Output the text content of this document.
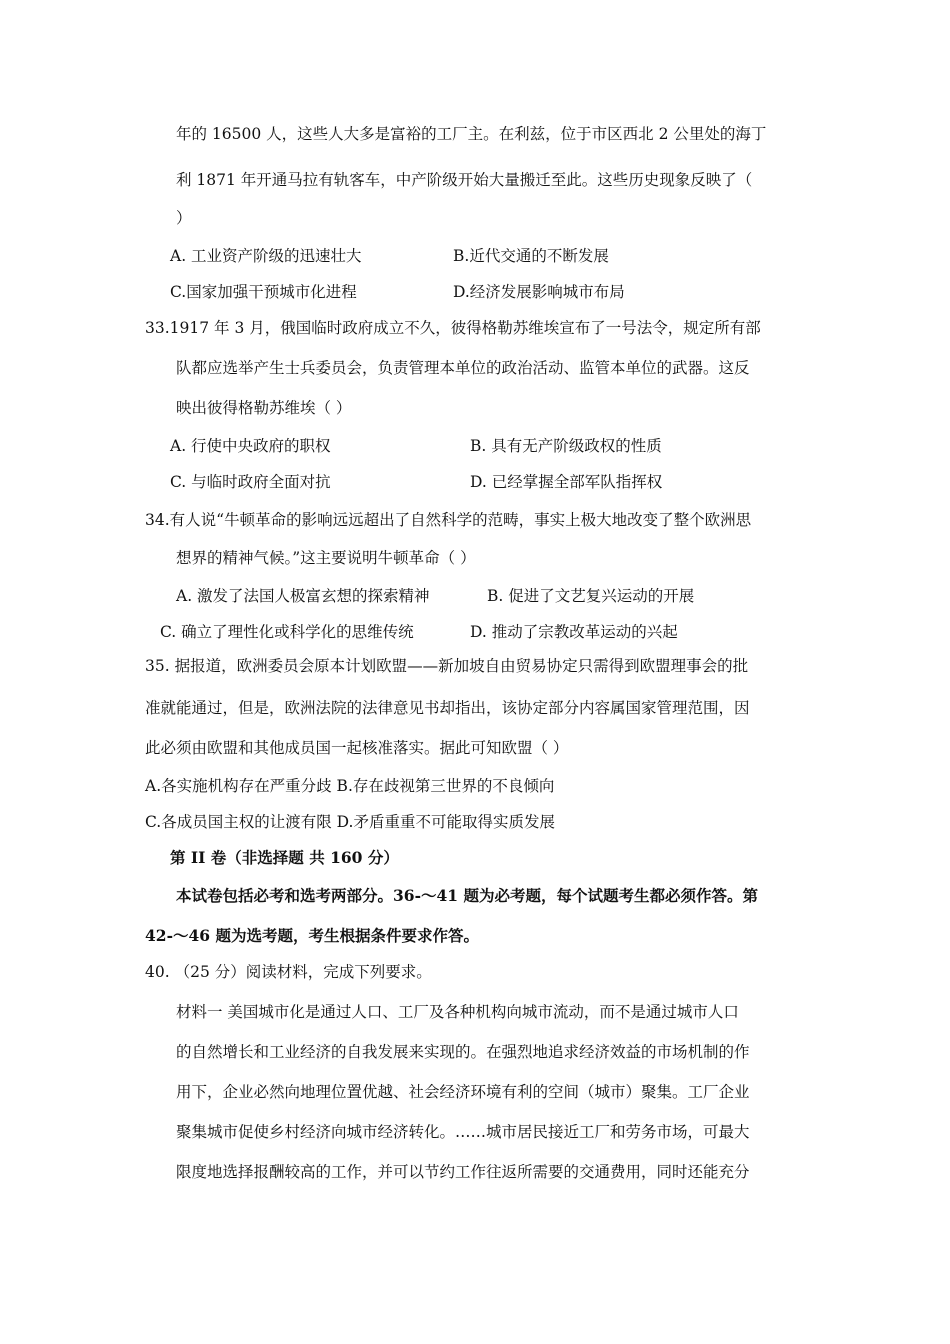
年的 16500 人，这些人大多是富裕的工厂主。在利兹，位于市区西北 2 公里处的海丁
利 1871 年开通马拉有轨客车，中产阶级开始大量搬迁至此。这些历史现象反映了（
）
A. 工业资产阶级的迅速壮大	B.近代交通的不断发展
C.国家加强干预城市化进程	D.经济发展影响城市布局
33.1917 年 3 月，俄国临时政府成立不久，彼得格勒苏维埃宣布了一号法令，规定所有部
队都应选举产生士兵委员会，负责管理本单位的政治活动、监管本单位的武器。这反
映出彼得格勒苏维埃（ ）
A. 行使中央政府的职权	B. 具有无产阶级政权的性质
C. 与临时政府全面对抗	D. 已经掌握全部军队指挥权
34.有人说“牛顿革命的影响远远超出了自然科学的范畴，事实上极大地改变了整个欧洲思
想界的精神气候。”这主要说明牛顿革命（ ）
A. 激发了法国人极富玄想的探索精神	B. 促进了文艺复兴运动的开展
C. 确立了理性化或科学化的思维传统	D. 推动了宗教改革运动的兴起
35. 据报道，欧洲委员会原本计划欧盟——新加坡自由贸易协定只需得到欧盟理事会的批
准就能通过，但是，欧洲法院的法律意见书却指出，该协定部分内容属国家管理范围，因
此必须由欧盟和其他成员国一起核准落实。据此可知欧盟（ ）
A.各实施机构存在严重分歧 B.存在歧视第三世界的不良倾向
C.各成员国主权的让渡有限 D.矛盾重重不可能取得实质发展
第 II 卷（非选择题 共 160 分）
本试卷包括必考和选考两部分。36-～41 题为必考题，每个试题考生都必须作答。第
42-～46 题为选考题，考生根据条件要求作答。
40. （25 分）阅读材料，完成下列要求。
材料一 美国城市化是通过人口、工厂及各种机构向城市流动，而不是通过城市人口
的自然增长和工业经济的自我发展来实现的。在强烈地追求经济效益的市场机制的作
用下，企业必然向地理位置优越、社会经济环境有利的空间（城市）聚集。工厂企业
聚集城市促使乡村经济向城市经济转化。……城市居民接近工厂和劳务市场，可最大
限度地选择报酬较高的工作，并可以节约工作往返所需要的交通费用，同时还能充分
